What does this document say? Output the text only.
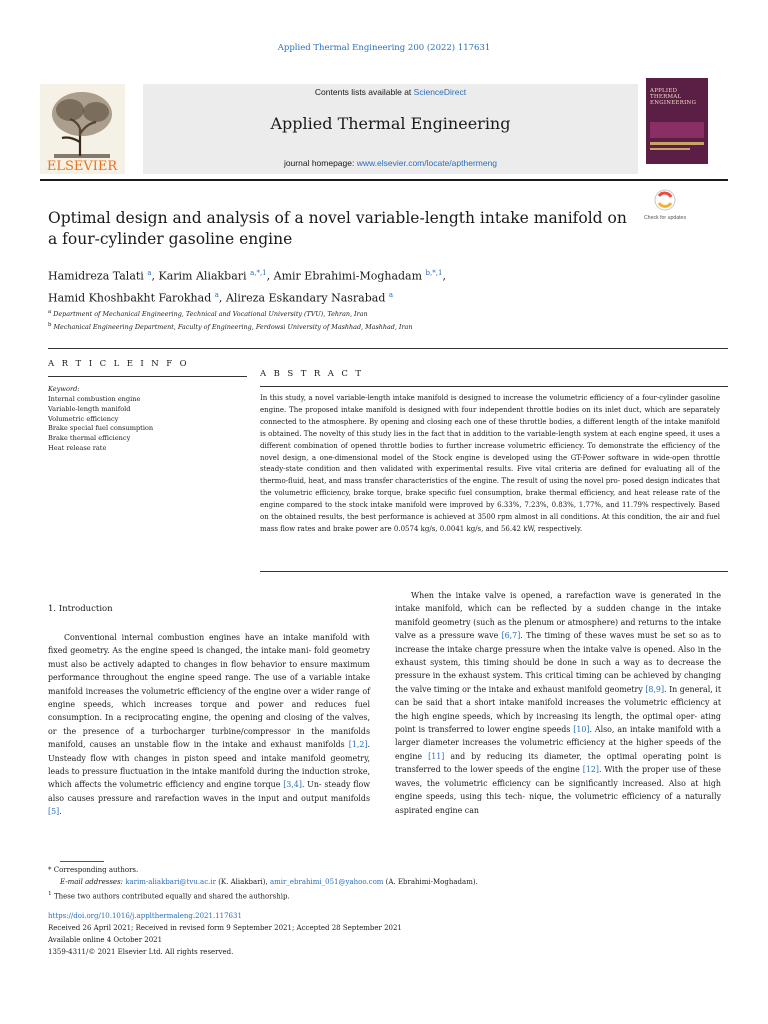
Applied Thermal Engineering 200 (2022) 117631
ELSEVIER
Contents lists available at ScienceDirect
Applied Thermal Engineering
journal homepage: www.elsevier.com/locate/apthermeng
APPLIED THERMAL ENGINEERING
Check for updates
Optimal design and analysis of a novel variable-length intake manifold on a four-cylinder gasoline engine
Hamidreza Talati $^a$, Karim Aliakbari $^{a,*,1}$, Amir Ebrahimi-Moghadam $^{b,*,1}$,
Hamid Khoshbakht Farokhad $^a$, Alireza Eskandary Nasrabad $^a$
$^a$ Department of Mechanical Engineering, Technical and Vocational University (TVU), Tehran, Iran
$^b$ Mechanical Engineering Department, Faculty of Engineering, Ferdowsi University of Mashhad, Mashhad, Iran
A R T I C L E I N F O
Keyword:
Internal combustion engine
Variable-length manifold
Volumetric efficiency
Brake special fuel consumption
Brake thermal efficiency
Heat release rate
A B S T R A C T
In this study, a novel variable-length intake manifold is designed to increase the volumetric efficiency of a four-cylinder gasoline engine. The proposed intake manifold is designed with four independent throttle bodies on its inlet duct, which are separately connected to the atmosphere. By opening and closing each one of these throttle bodies, a different length of the intake manifold is obtained. The novelty of this study lies in the fact that in addition to the variable-length system at each engine speed, it uses a different combination of opened throttle bodies to further increase volumetric efficiency. To demonstrate the efficiency of the novel design, a one-dimensional model of the Stock engine is developed using the GT-Power software in wide-open throttle steady-state condition and then validated with experimental results. Five vital criteria are defined for evaluating all of the thermo-fluid, heat, and mass transfer characteristics of the engine. The result of using the novel pro- posed design indicates that the volumetric efficiency, brake torque, brake specific fuel consumption, brake thermal efficiency, and heat release rate of the engine compared to the stock intake manifold were improved by 6.33%, 7.23%, 0.83%, 1.77%, and 11.79% respectively. Based on the obtained results, the best performance is achieved at 3500 rpm almost in all conditions. At this condition, the air and fuel mass flow rates and brake power are 0.0574 kg/s, 0.0041 kg/s, and 56.42 kW, respectively.
1. Introduction
Conventional internal combustion engines have an intake manifold with fixed geometry. As the engine speed is changed, the intake mani- fold geometry must also be actively adapted to changes in flow behavior to ensure maximum performance throughout the engine speed range. The use of a variable intake manifold increases the volumetric efficiency of the engine over a wider range of engine speeds, which increases torque and power and reduces fuel consumption. In a reciprocating engine, the opening and closing of the valves, or the presence of a turbocharger turbine/compressor in the manifolds manifold, causes an unstable flow in the intake and exhaust manifolds [1,2]. Unsteady flow with changes in piston speed and intake manifold geometry, leads to pressure fluctuation in the intake manifold during the induction stroke, which affects the volumetric efficiency and engine torque [3,4]. Un- steady flow also causes pressure and rarefaction waves in the input and output manifolds [5].
When the intake valve is opened, a rarefaction wave is generated in the intake manifold, which can be reflected by a sudden change in the intake manifold geometry (such as the plenum or atmosphere) and returns to the intake valve as a pressure wave [6,7]. The timing of these waves must be set so as to increase the intake charge pressure when the intake valve is opened. Also in the exhaust system, this timing should be done in such a way as to decrease the pressure in the exhaust system. This critical timing can be achieved by changing the valve timing or the intake and exhaust manifold geometry [8,9]. In general, it can be said that a short intake manifold increases the volumetric efficiency at the high engine speeds, which by increasing its length, the optimal oper- ating point is transferred to lower engine speeds [10]. Also, an intake manifold with a larger diameter increases the volumetric efficiency at the higher speeds of the engine [11] and by reducing its diameter, the optimal operating point is transferred to the lower speeds of the engine [12]. With the proper use of these waves, the volumetric efficiency can be significantly increased. Also at high engine speeds, using this tech- nique, the volumetric efficiency of a naturally aspirated engine can
* Corresponding authors.
E-mail addresses: karim-aliakbari@tvu.ac.ir (K. Aliakbari), amir_ebrahimi_051@yahoo.com (A. Ebrahimi-Moghadam).
$^1$ These two authors contributed equally and shared the authorship.
https://doi.org/10.1016/j.applthermaleng.2021.117631
Received 26 April 2021; Received in revised form 9 September 2021; Accepted 28 September 2021
Available online 4 October 2021
1359-4311/© 2021 Elsevier Ltd. All rights reserved.
